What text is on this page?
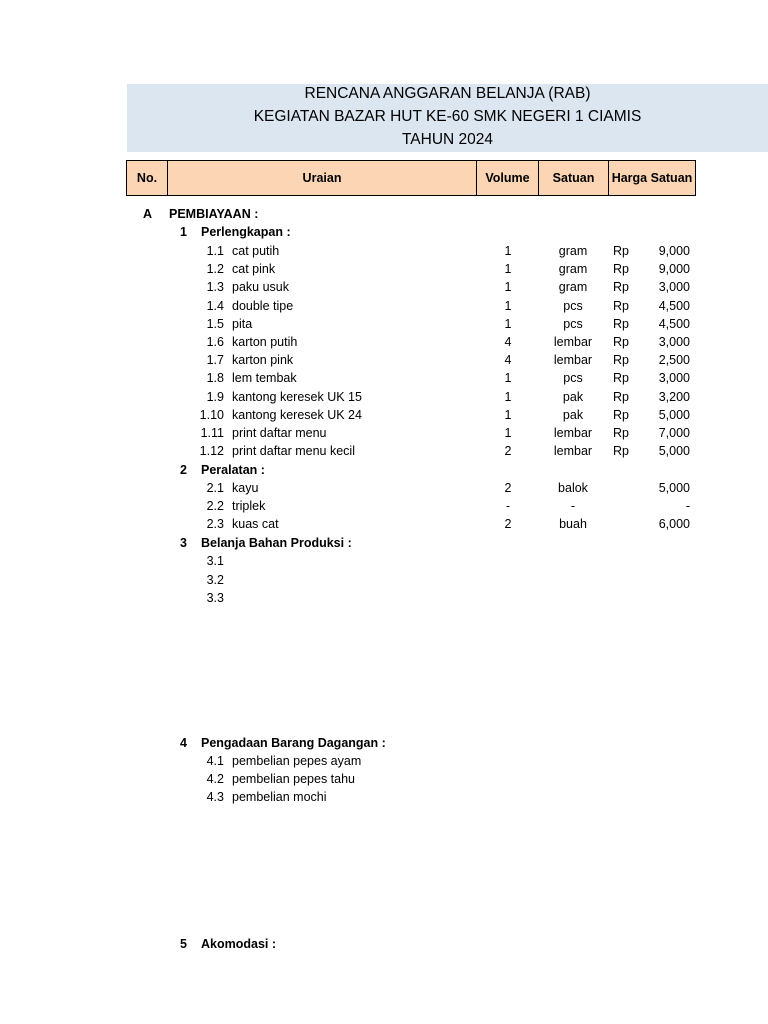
RENCANA ANGGARAN BELANJA (RAB)
KEGIATAN BAZAR HUT KE-60 SMK NEGERI 1 CIAMIS
TAHUN 2024
No.	Uraian	Volume	Satuan	Harga Satuan
A PEMBIAYAAN :
1 Perlengkapan :
1.1 cat putih	1	gram	Rp 9,000
1.2 cat pink	1	gram	Rp 9,000
1.3 paku usuk	1	gram	Rp 3,000
1.4 double tipe	1	pcs	Rp 4,500
1.5 pita	1	pcs	Rp 4,500
1.6 karton putih	4	lembar	Rp 3,000
1.7 karton pink	4	lembar	Rp 2,500
1.8 lem tembak	1	pcs	Rp 3,000
1.9 kantong keresek UK 15	1	pak	Rp 3,200
1.10 kantong keresek UK 24	1	pak	Rp 5,000
1.11 print daftar menu	1	lembar	Rp 7,000
1.12 print daftar menu kecil	2	lembar	Rp 5,000
2 Peralatan :
2.1 kayu	2	balok	5,000
2.2 triplek	-	-	-
2.3 kuas cat	2	buah	6,000
3 Belanja Bahan Produksi :
3.1
3.2
3.3
4 Pengadaan Barang Dagangan :
4.1 pembelian pepes ayam
4.2 pembelian pepes tahu
4.3 pembelian mochi
5 Akomodasi :
